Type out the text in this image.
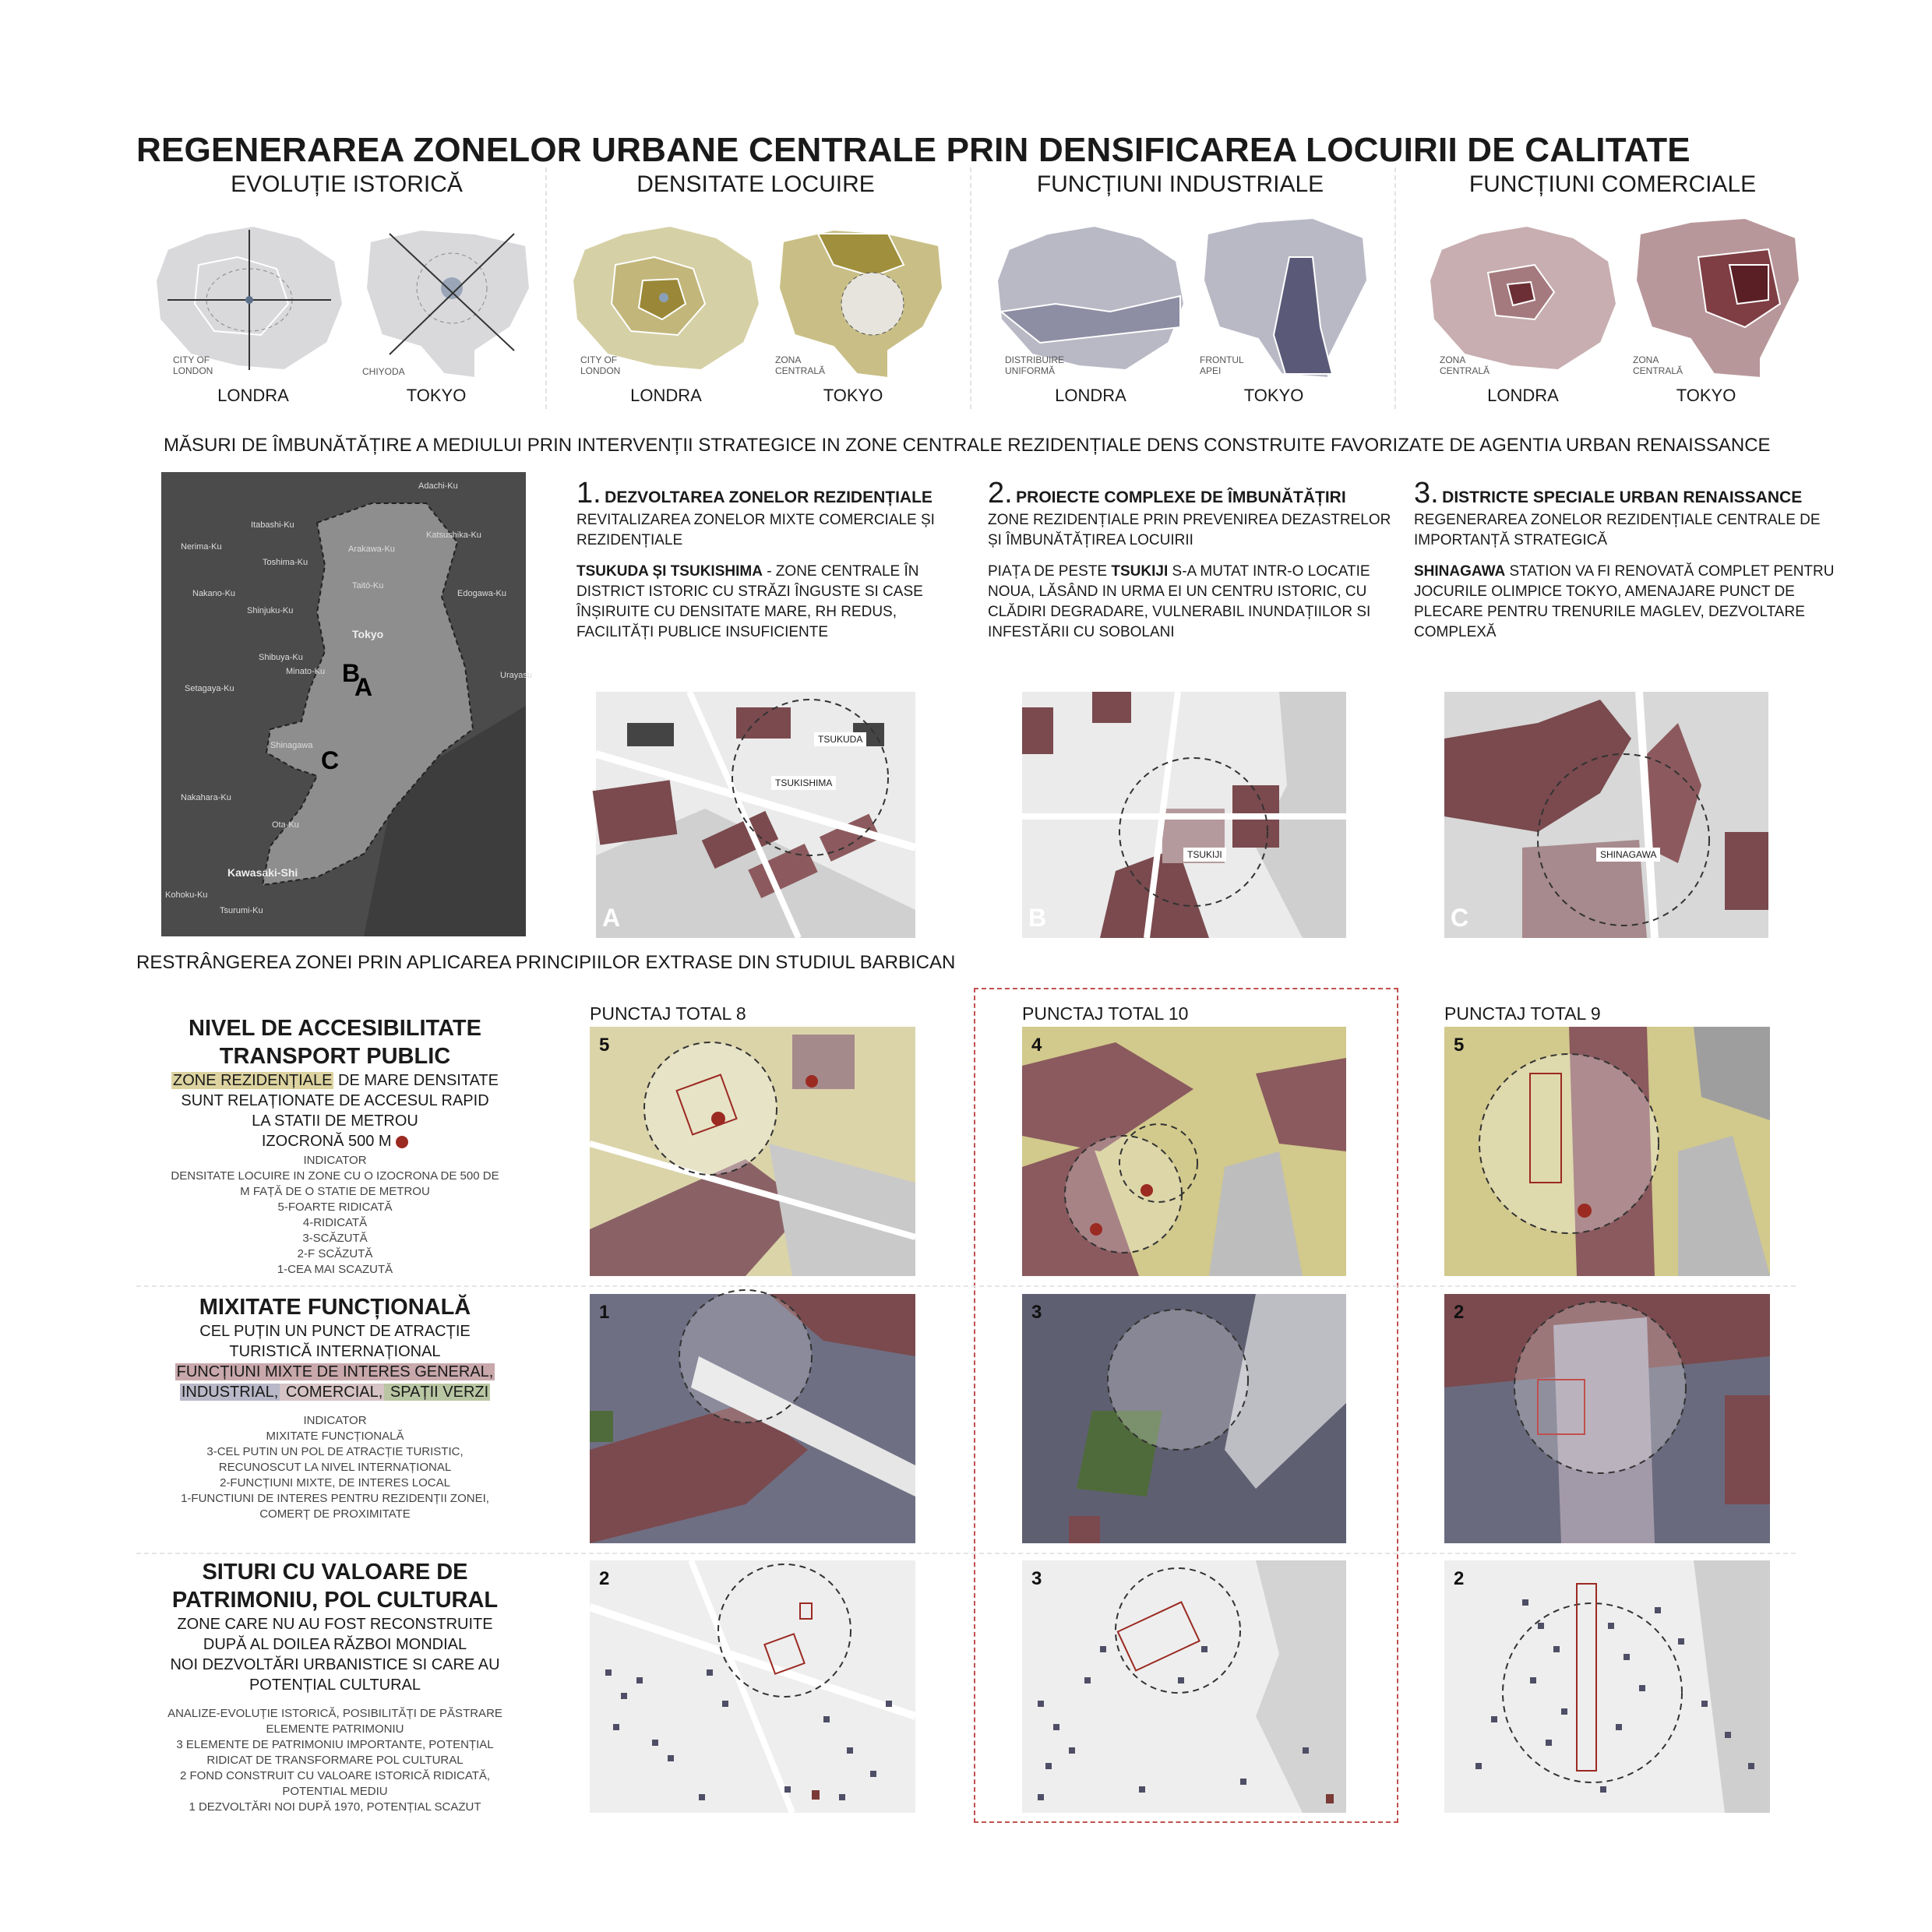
REGENERAREA ZONELOR URBANE CENTRALE PRIN DENSIFICAREA LOCUIRII DE CALITATE
EVOLUȚIE ISTORICĂ	DENSITATE LOCUIRE	FUNCȚIUNI INDUSTRIALE	FUNCȚIUNI COMERCIALE
CITY OF
LONDON	CHIYODA
CITY OF
LONDON
ZONA
CENTRALĂ
DISTRIBUIRE
UNIFORMĂ
FRONTUL
APEI
ZONA
CENTRALĂ
ZONA
CENTRALĂ
LONDRA	TOKYO	LONDRA	TOKYO	LONDRA	TOKYO	LONDRA	TOKYO
MĂSURI DE ÎMBUNĂTĂȚIRE A MEDIULUI PRIN INTERVENȚII STRATEGICE IN ZONE CENTRALE REZIDENȚIALE DENS CONSTRUITE FAVORIZATE DE AGENTIA URBAN RENAISSANCE
Adachi-Ku
Itabashi-Ku
Katsushika-Ku
Nerima-Ku	Arakawa-Ku
Toshima-Ku
Nakano-Ku
Taitō-Ku
Edogawa-Ku
Shinjuku-Ku
Shibuya-Ku
Minato-Ku
Tokyo
Urayasu
Setagaya-Ku
Shinagawa
Nakahara-Ku
Ota-Ku
Kawasaki-Shi
Kohoku-Ku
Tsurumi-Ku
B
A
C
1. DEZVOLTAREA ZONELOR REZIDENȚIALE
REVITALIZAREA ZONELOR MIXTE COMERCIALE ȘI REZIDENȚIALE
TSUKUDA ȘI TSUKISHIMA - ZONE CENTRALE ÎN DISTRICT ISTORIC CU STRĂZI ÎNGUSTE SI CASE ÎNȘIRUITE CU DENSITATE MARE, RH REDUS, FACILITĂȚI PUBLICE INSUFICIENTE
2. PROIECTE COMPLEXE DE ÎMBUNĂTĂȚIRI
ZONE REZIDENȚIALE PRIN PREVENIREA DEZASTRELOR ȘI ÎMBUNĂTĂȚIREA LOCUIRII
PIAȚA DE PESTE TSUKIJI S-A MUTAT INTR-O LOCATIE NOUA, LĂSÂND IN URMA EI UN CENTRU ISTORIC, CU CLĂDIRI DEGRADARE, VULNERABIL INUNDAȚIILOR SI INFESTĂRII CU SOBOLANI
3. DISTRICTE SPECIALE URBAN RENAISSANCE
REGENERAREA ZONELOR REZIDENȚIALE CENTRALE DE IMPORTANȚĂ STRATEGICĂ
SHINAGAWA STATION VA FI RENOVATĂ COMPLET PENTRU JOCURILE OLIMPICE TOKYO, AMENAJARE PUNCT DE PLECARE PENTRU TRENURILE MAGLEV, DEZVOLTARE COMPLEXĂ
TSUKUDA
TSUKISHIMA
A
TSUKIJI
B
SHINAGAWA
C
RESTRÂNGEREA ZONEI PRIN APLICAREA PRINCIPIILOR EXTRASE DIN STUDIUL BARBICAN
PUNCTAJ TOTAL 8	PUNCTAJ TOTAL 10	PUNCTAJ TOTAL 9
NIVEL DE ACCESIBILITATE TRANSPORT PUBLIC
ZONE REZIDENȚIALE DE MARE DENSITATE
SUNT RELAȚIONATE DE ACCESUL RAPID
LA STATII DE METROU
IZOCRONĂ 500 M
INDICATOR
DENSITATE LOCUIRE IN ZONE CU O IZOCRONA DE 500 DE
M FAȚĂ DE O STATIE DE METROU
5-FOARTE RIDICATĂ
4-RIDICATĂ
3-SCĂZUTĂ
2-F SCĂZUTĂ
1-CEA MAI SCAZUTĂ
MIXITATE FUNCȚIONALĂ
CEL PUȚIN UN PUNCT DE ATRACȚIE
TURISTICĂ INTERNAȚIONAL
FUNCȚIUNI MIXTE DE INTERES GENERAL,
INDUSTRIAL, COMERCIAL, SPAȚII VERZI
INDICATOR
MIXITATE FUNCȚIONALĂ
3-CEL PUTIN UN POL DE ATRACȚIE TURISTIC,
RECUNOSCUT LA NIVEL INTERNAȚIONAL
2-FUNCȚIUNI MIXTE, DE INTERES LOCAL
1-FUNCTIUNI DE INTERES PENTRU REZIDENȚII ZONEI,
COMERȚ DE PROXIMITATE
SITURI CU VALOARE DE PATRIMONIU, POL CULTURAL
ZONE CARE NU AU FOST RECONSTRUITE
DUPĂ AL DOILEA RĂZBOI MONDIAL
NOI DEZVOLTĂRI URBANISTICE SI CARE AU
POTENȚIAL CULTURAL
ANALIZE-EVOLUȚIE ISTORICĂ, POSIBILITĂȚI DE PĂSTRARE
ELEMENTE PATRIMONIU
3 ELEMENTE DE PATRIMONIU IMPORTANTE, POTENȚIAL
RIDICAT DE TRANSFORMARE POL CULTURAL
2 FOND CONSTRUIT CU VALOARE ISTORICĂ RIDICATĂ,
POTENTIAL MEDIU
1 DEZVOLTĂRI NOI DUPĂ 1970, POTENȚIAL SCAZUT
5	4	5
1	3	2
2	3	2
